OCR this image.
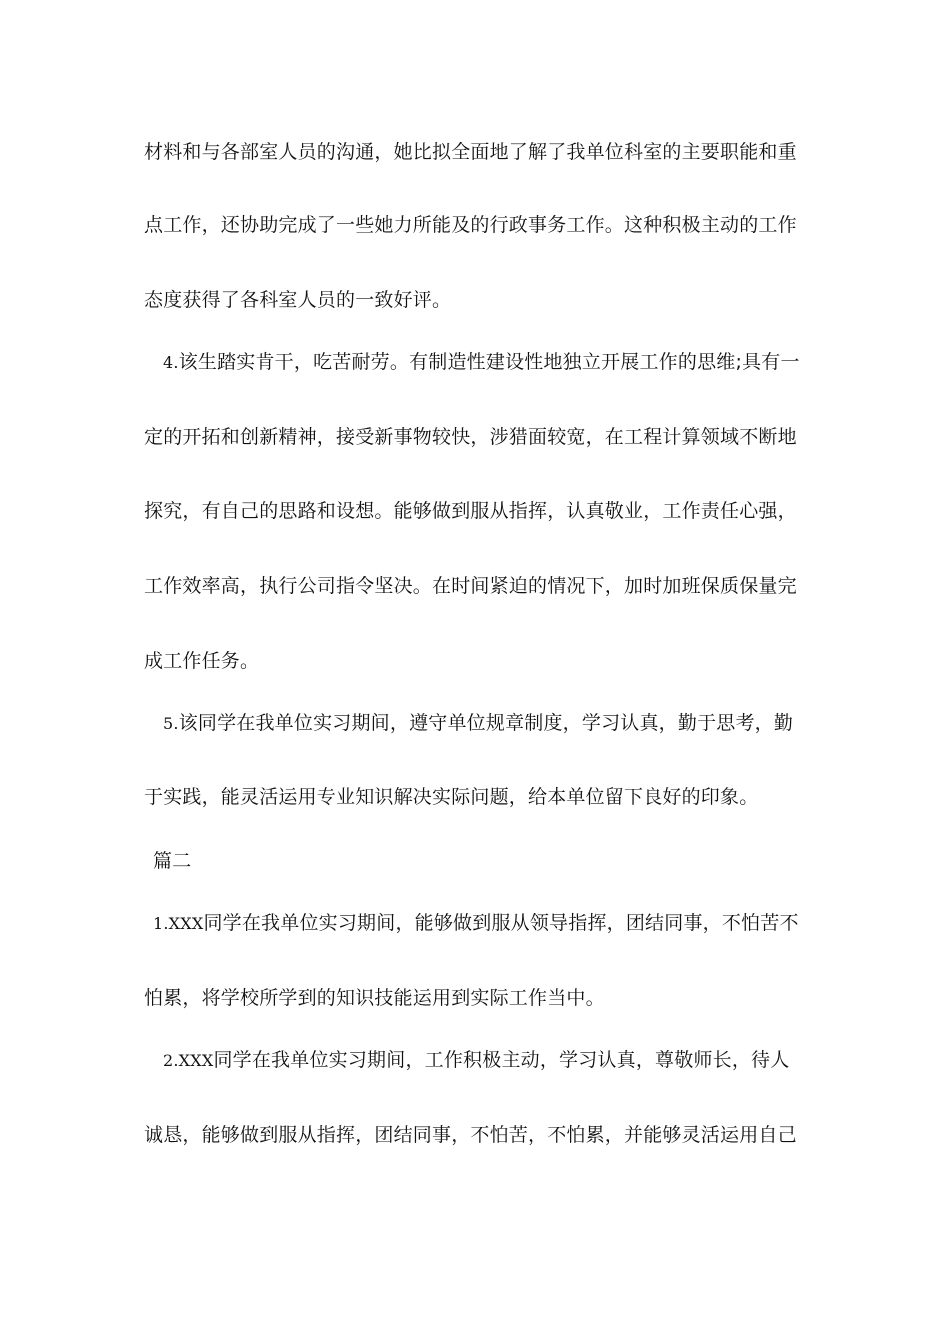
材料和与各部室人员的沟通，她比拟全面地了解了我单位科室的主要职能和重
点工作，还协助完成了一些她力所能及的行政事务工作。这种积极主动的工作
态度获得了各科室人员的一致好评。
4.该生踏实肯干，吃苦耐劳。有制造性建设性地独立开展工作的思维;具有一
定的开拓和创新精神，接受新事物较快，涉猎面较宽，在工程计算领域不断地
探究，有自己的思路和设想。能够做到服从指挥，认真敬业，工作责任心强，
工作效率高，执行公司指令坚决。在时间紧迫的情况下，加时加班保质保量完
成工作任务。
5.该同学在我单位实习期间，遵守单位规章制度，学习认真，勤于思考，勤
于实践，能灵活运用专业知识解决实际问题，给本单位留下良好的印象。
篇二
1.XXX同学在我单位实习期间，能够做到服从领导指挥，团结同事，不怕苦不
怕累，将学校所学到的知识技能运用到实际工作当中。
2.XXX同学在我单位实习期间，工作积极主动，学习认真，尊敬师长，待人
诚恳，能够做到服从指挥，团结同事，不怕苦，不怕累，并能够灵活运用自己
